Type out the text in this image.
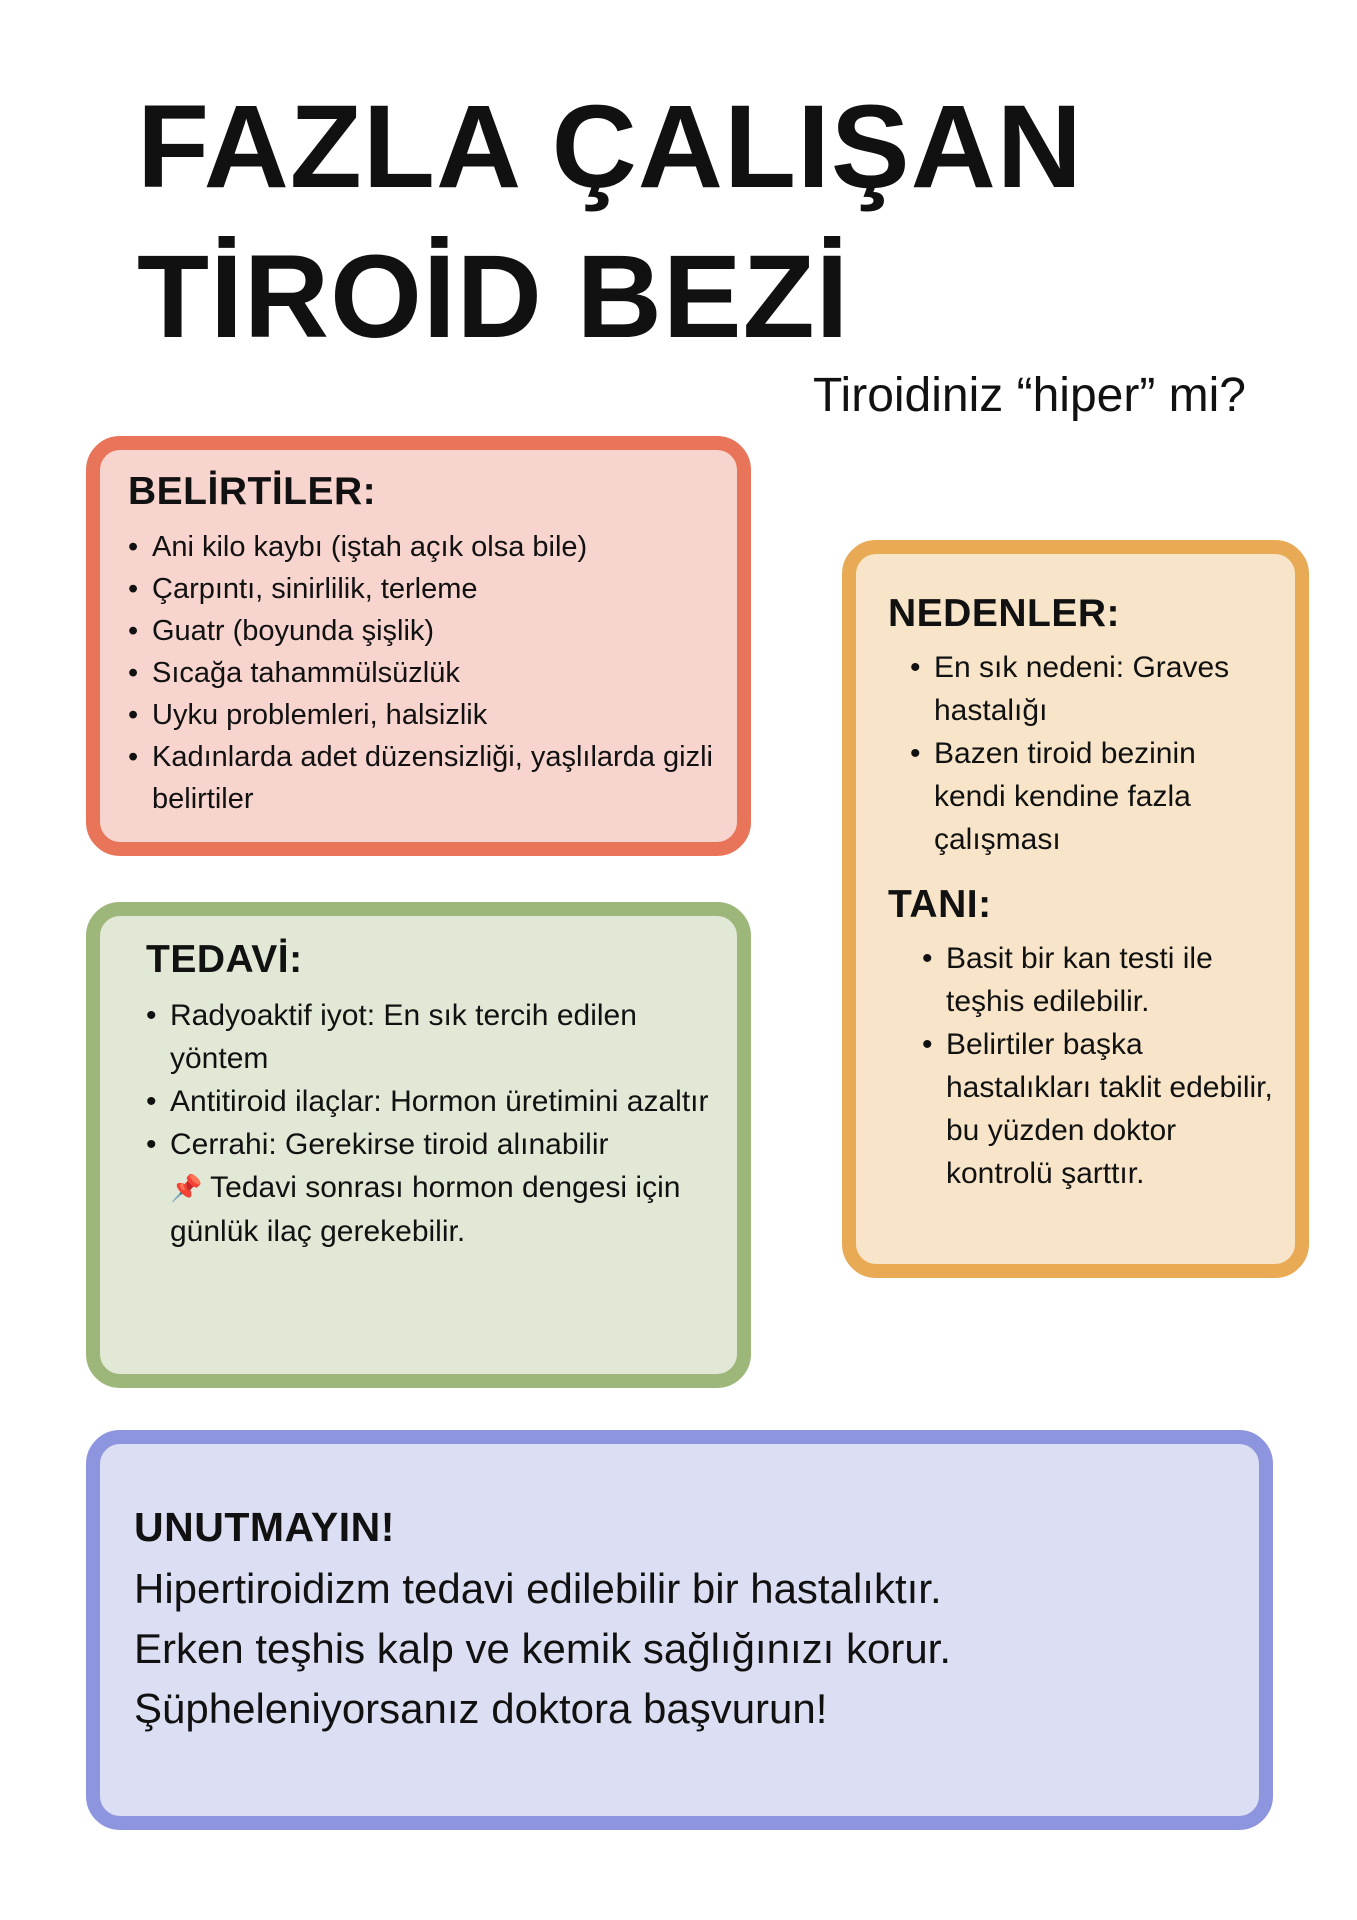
FAZLA ÇALIŞAN
TİROİD BEZİ

Tiroidiniz “hiper” mi?

BELİRTİLER:
• Ani kilo kaybı (iştah açık olsa bile)
• Çarpıntı, sinirlilik, terleme
• Guatr (boyunda şişlik)
• Sıcağa tahammülsüzlük
• Uyku problemleri, halsizlik
• Kadınlarda adet düzensizliği, yaşlılarda gizli belirtiler
TEDAVİ:
• Radyoaktif iyot: En sık tercih edilen yöntem
• Antitiroid ilaçlar: Hormon üretimini azaltır
• Cerrahi: Gerekirse tiroid alınabilir
📌 Tedavi sonrası hormon dengesi için günlük ilaç gerekebilir.
NEDENLER:
• En sık nedeni: Graves hastalığı
• Bazen tiroid bezinin kendi kendine fazla çalışması
TANI:
• Basit bir kan testi ile teşhis edilebilir.
• Belirtiler başka hastalıkları taklit edebilir, bu yüzden doktor kontrolü şarttır.
UNUTMAYIN!

Hipertiroidizm tedavi edilebilir bir hastalıktır.

Erken teşhis kalp ve kemik sağlığınızı korur.

Şüpheleniyorsanız doktora başvurun!
